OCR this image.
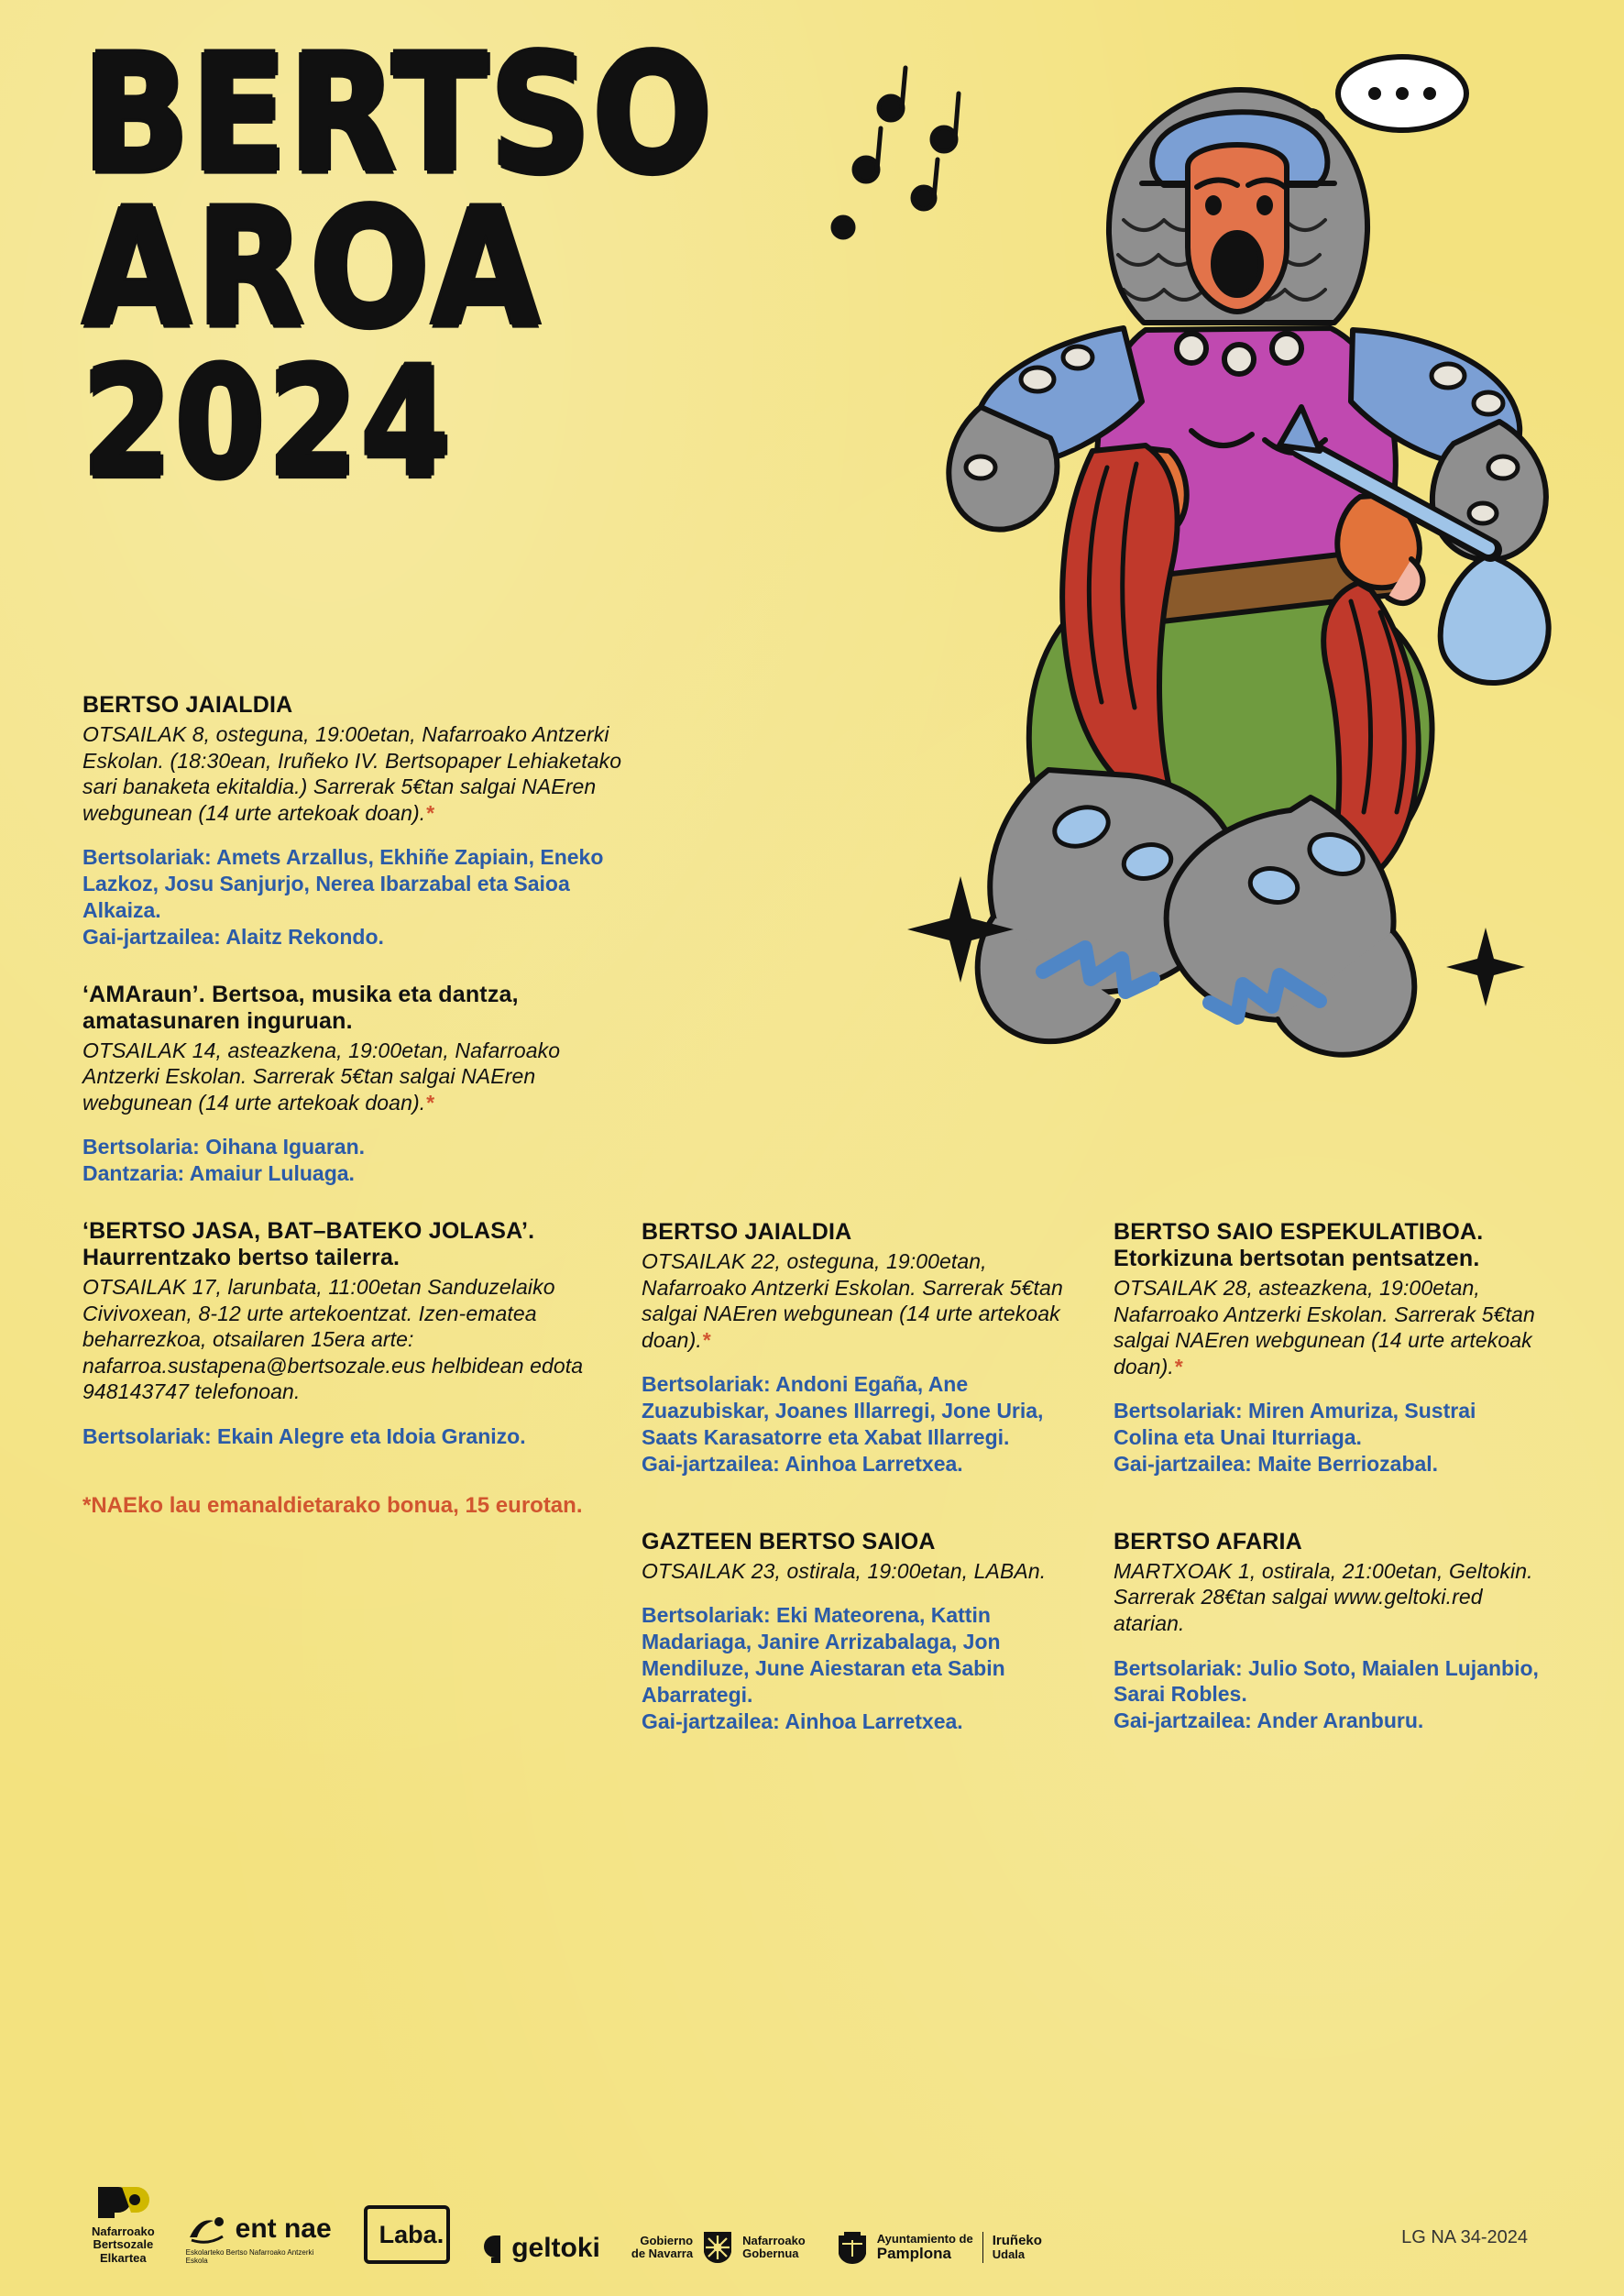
BERTSO
AROA
2024
BERTSO JAIALDIA
OTSAILAK 8, osteguna, 19:00etan, Nafarroako Antzerki Eskolan. (18:30ean, Iruñeko IV. Bertsopaper Lehiaketako sari banaketa ekitaldia.) Sarrerak 5€tan salgai NAEren webgunean (14 urte artekoak doan).*
Bertsolariak: Amets Arzallus, Ekhiñe Zapiain, Eneko Lazkoz, Josu Sanjurjo, Nerea Ibarzabal eta Saioa Alkaiza.
Gai-jartzailea: Alaitz Rekondo.
‘AMAraun’. Bertsoa, musika eta dantza, amatasunaren inguruan.
OTSAILAK 14, asteazkena, 19:00etan, Nafarroako Antzerki Eskolan. Sarrerak 5€tan salgai NAEren webgunean (14 urte artekoak doan).*
Bertsolaria: Oihana Iguaran.
Dantzaria: Amaiur Luluaga.
‘BERTSO JASA, BAT–BATEKO JOLASA’. Haurrentzako bertso tailerra.
OTSAILAK 17, larunbata, 11:00etan Sanduzelaiko Civivoxean, 8-12 urte artekoentzat. Izen-ematea beharrezkoa, otsailaren 15era arte: nafarroa.sustapena@bertsozale.eus helbidean edota 948143747 telefonoan.
Bertsolariak: Ekain Alegre eta Idoia Granizo.
*NAEko lau emanaldietarako bonua, 15 eurotan.
BERTSO JAIALDIA
OTSAILAK 22, osteguna, 19:00etan, Nafarroako Antzerki Eskolan. Sarrerak 5€tan salgai NAEren webgunean (14 urte artekoak doan).*
Bertsolariak: Andoni Egaña, Ane Zuazubiskar, Joanes Illarregi, Jone Uria, Saats Karasatorre eta Xabat Illarregi.
Gai-jartzailea: Ainhoa Larretxea.
GAZTEEN BERTSO SAIOA
OTSAILAK 23, ostirala, 19:00etan, LABAn.
Bertsolariak: Eki Mateorena, Kattin Madariaga, Janire Arrizabalaga, Jon Mendiluze, June Aiestaran eta Sabin Abarrategi.
Gai-jartzailea: Ainhoa Larretxea.
BERTSO SAIO ESPEKULATIBOA. Etorkizuna bertsotan pentsatzen.
OTSAILAK 28, asteazkena, 19:00etan, Nafarroako Antzerki Eskolan. Sarrerak 5€tan salgai NAEren webgunean (14 urte artekoak doan).*
Bertsolariak: Miren Amuriza, Sustrai Colina eta Unai Iturriaga.
Gai-jartzailea: Maite Berriozabal.
BERTSO AFARIA
MARTXOAK 1, ostirala, 21:00etan, Geltokin. Sarrerak 28€tan salgai www.geltoki.red atarian.
Bertsolariak: Julio Soto, Maialen Lujanbio, Sarai Robles.
Gai-jartzailea: Ander Aranburu.
Nafarroako
Bertsozale
Elkartea
ent nae
Eskolarteko Bertso Nafarroako Antzerki Eskola
Laba. geltoki	Gobierno
de Navarra
Nafarroako
Gobernua
Ayuntamiento de
Pamplona
Iruñeko
Udala
LG NA 34-2024
